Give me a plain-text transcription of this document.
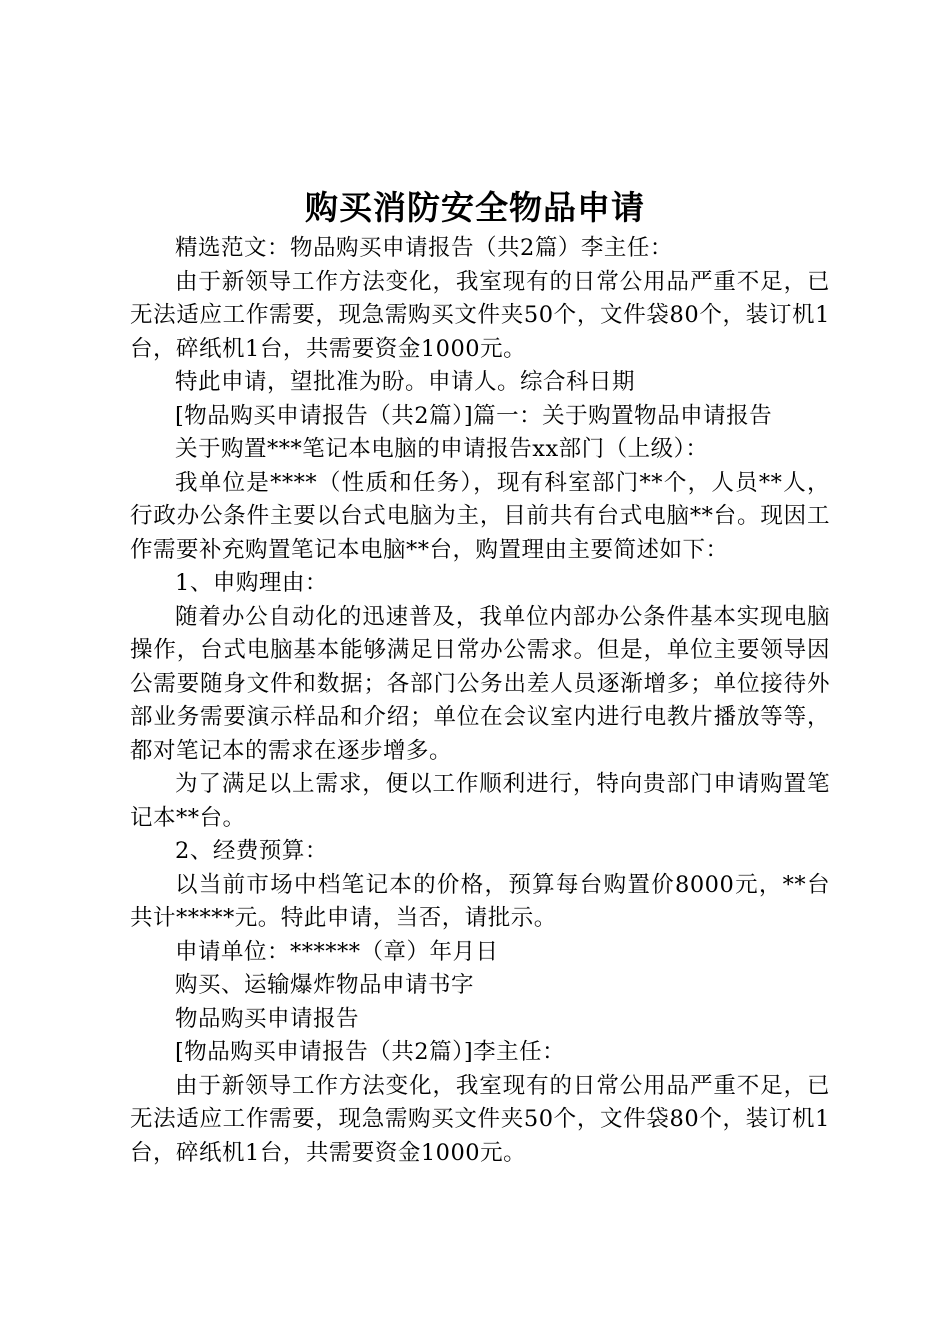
购买消防安全物品申请

精选范文：物品购买申请报告（共2篇）李主任：

由于新领导工作方法变化，我室现有的日常公用品严重不足，已无法适应工作需要，现急需购买文件夹50个，文件袋80个，装订机1台，碎纸机1台，共需要资金1000元。

特此申请，望批准为盼。申请人。综合科日期

[物品购买申请报告（共2篇）]篇一：关于购置物品申请报告

关于购置***笔记本电脑的申请报告xx部门（上级）：

我单位是****（性质和任务），现有科室部门**个，人员**人，行政办公条件主要以台式电脑为主，目前共有台式电脑**台。现因工作需要补充购置笔记本电脑**台，购置理由主要简述如下：

1、申购理由：

随着办公自动化的迅速普及，我单位内部办公条件基本实现电脑操作，台式电脑基本能够满足日常办公需求。但是，单位主要领导因公需要随身文件和数据；各部门公务出差人员逐渐增多；单位接待外部业务需要演示样品和介绍；单位在会议室内进行电教片播放等等，都对笔记本的需求在逐步增多。

为了满足以上需求，便以工作顺利进行，特向贵部门申请购置笔记本**台。

2、经费预算：

以当前市场中档笔记本的价格，预算每台购置价8000元，**台共计*****元。特此申请，当否，请批示。

申请单位：******（章）年月日

购买、运输爆炸物品申请书字

物品购买申请报告

[物品购买申请报告（共2篇）]李主任：

由于新领导工作方法变化，我室现有的日常公用品严重不足，已无法适应工作需要，现急需购买文件夹50个，文件袋80个，装订机1台，碎纸机1台，共需要资金1000元。
